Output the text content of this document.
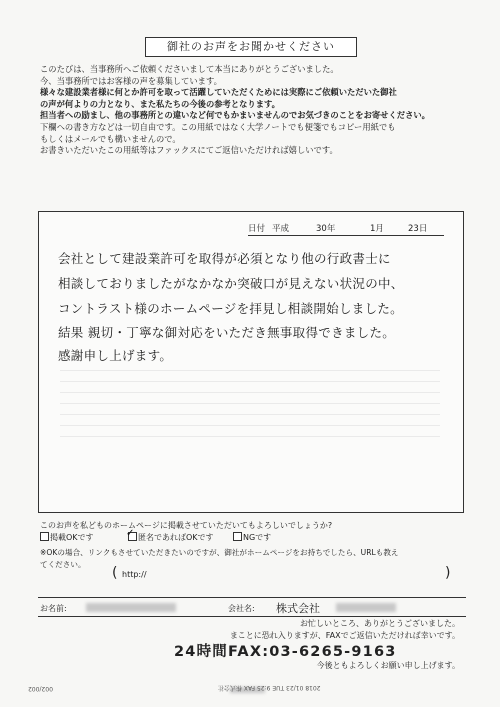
御社のお声をお聞かせください

このたびは、当事務所へご依頼くださいまして本当にありがとうございました。

今、当事務所ではお客様の声を募集しています。

様々な建設業者様に何とか許可を取って活躍していただくためには実際にご依頼いただいた御社

の声が何よりの力となり、また私たちの今後の参考となります。

担当者への励まし、他の事務所との違いなど何でもかまいませんのでお気づきのことをお寄せください。

下欄への書き方などは一切自由です。この用紙ではなく大学ノートでも便箋でもコピー用紙でも

もしくはメールでも構いませんので。

お書きいただいたこの用紙等はファックスにてご返信いただければ嬉しいです。

日付 平成	30年	1月	23日
会社として建設業許可を取得が必須となり他の行政書士に
相談しておりましたがなかなか突破口が見えない状況の中、
コントラスト様のホームページを拝見し相談開始しました。
結果 親切・丁寧な御対応をいただき無事取得できました。
感謝申し上げます。
このお声を私どものホームページに掲載させていただいてもよろしいでしょうか?
掲載OKです	匿名であればOKです	NGです
✓

※OKの場合、リンクもさせていただきたいのですが、御社がホームページをお持ちでしたら、URLも教え

てください。

( http://	)
お名前:	会社名: 株式会社
お忙しいところ、ありがとうございました。
まことに恐れ入りますが、FAXでご返信いただければ幸いです。
24時間FAX:03-6265-9163
今後ともよろしくお願い申し上げます。
2018 01/23 TUE 9:25 FAX 株式会社
002/002
